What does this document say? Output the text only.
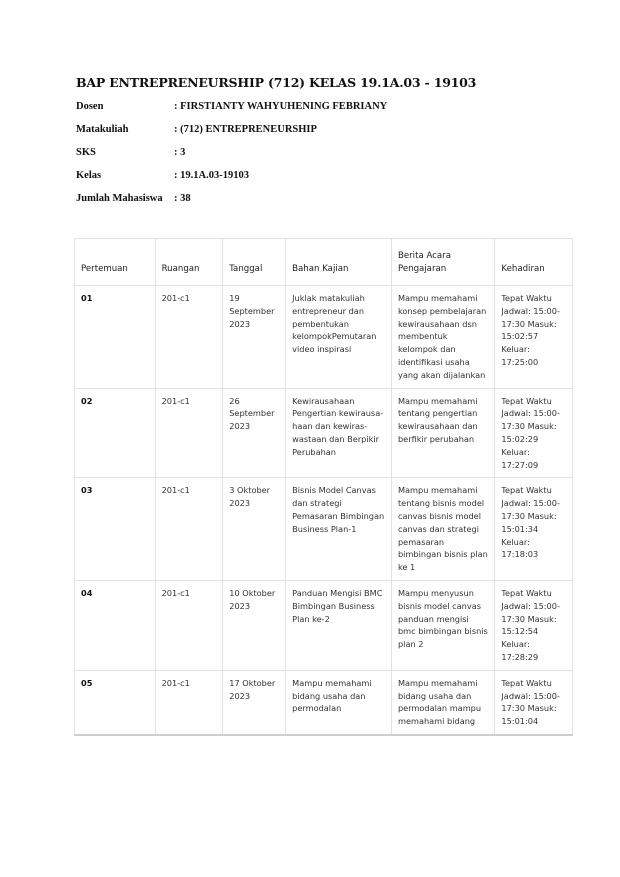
BAP ENTREPRENEURSHIP (712) KELAS 19.1A.03 - 19103
Dosen	: FIRSTIANTY WAHYUHENING FEBRIANY
Matakuliah	: (712) ENTREPRENEURSHIP
SKS	: 3
Kelas	: 19.1A.03-19103
Jumlah Mahasiswa : 38
Pertemuan	Ruangan	Tanggal	Bahan Kajian	Berita Acara Pengajaran	Kehadiran
01	201-c1	19 September 2023	Juklak matakuliah entrepreneur dan pembentukan kelompokPemutaran video inspirasi	Mampu memahami konsep pembelajaran kewirausahaan dsn membentuk kelompok dan identifikasi usaha yang akan dijalankan	Tepat Waktu Jadwal: 15:00-17:30 Masuk: 15:02:57 Keluar: 17:25:00
02	201-c1	26 September 2023	Kewirausahaan Pengertian kewirausa-haan dan kewiras-wastaan dan Berpikir Perubahan	Mampu memahami tentang pengertian kewirausahaan dan berfikir perubahan	Tepat Waktu Jadwal: 15:00-17:30 Masuk: 15:02:29 Keluar: 17:27:09
03	201-c1	3 Oktober 2023	Bisnis Model Canvas dan strategi Pemasaran Bimbingan Business Plan-1	Mampu memahami tentang bisnis model canvas bisnis model canvas dan strategi pemasaran bimbingan bisnis plan ke 1	Tepat Waktu Jadwal: 15:00-17:30 Masuk: 15:01:34 Keluar: 17:18:03
04	201-c1	10 Oktober 2023	Panduan Mengisi BMC Bimbingan Business Plan ke-2	Mampu menyusun bisnis model canvas panduan mengisi bmc bimbingan bisnis plan 2	Tepat Waktu Jadwal: 15:00-17:30 Masuk: 15:12:54 Keluar: 17:28:29
05	201-c1	17 Oktober 2023	Mampu memahami bidang usaha dan permodalan	Mampu memahami bidang usaha dan permodalan mampu memahami bidang	Tepat Waktu Jadwal: 15:00-17:30 Masuk: 15:01:04
